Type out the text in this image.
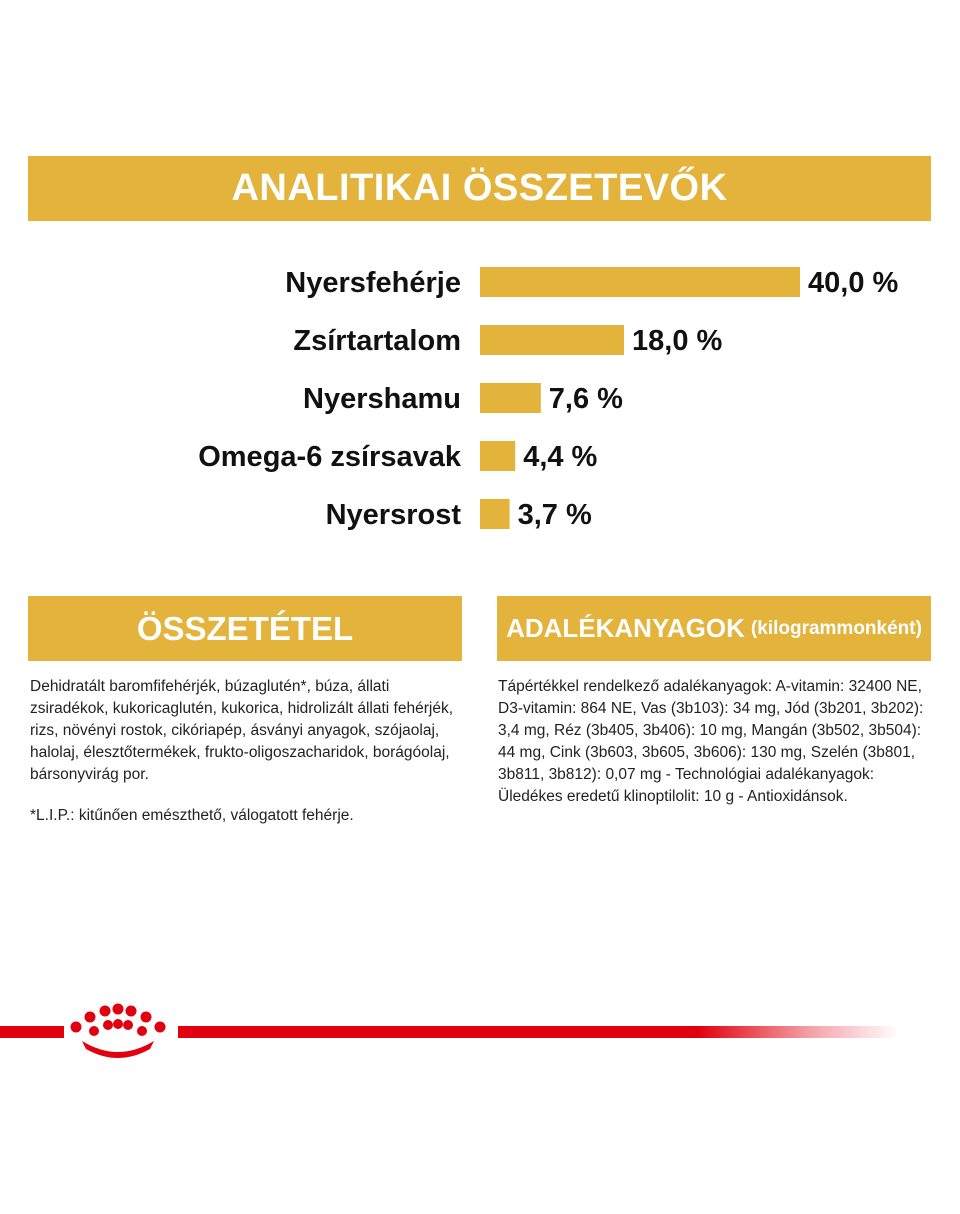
ANALITIKAI ÖSSZETEVŐK
Nyersfehérje	40,0 %
Zsírtartalom	18,0 %
Nyershamu	7,6 %
Omega-6 zsírsavak 4,4 %
Nyersrost 3,7 %
ÖSSZETÉTEL
Dehidratált baromfifehérjék, búzaglutén*, búza, állati zsiradékok, kukoricaglutén, kukorica, hidrolizált állati fehérjék, rizs, növényi rostok, cikóriapép, ásványi anyagok, szójaolaj, halolaj, élesztőtermékek, frukto-oligoszacharidok, borágóolaj, bársonyvirág por.
*L.I.P.: kitűnően emészthető, válogatott fehérje.
ADALÉKANYAGOK (kilogrammonként)
Tápértékkel rendelkező adalékanyagok: A-vitamin: 32400 NE, D3-vitamin: 864 NE, Vas (3b103): 34 mg, Jód (3b201, 3b202): 3,4 mg, Réz (3b405, 3b406): 10 mg, Mangán (3b502, 3b504): 44 mg, Cink (3b603, 3b605, 3b606): 130 mg, Szelén (3b801, 3b811, 3b812): 0,07 mg - Technológiai adalékanyagok: Üledékes eredetű klinoptilolit: 10 g - Antioxidánsok.
